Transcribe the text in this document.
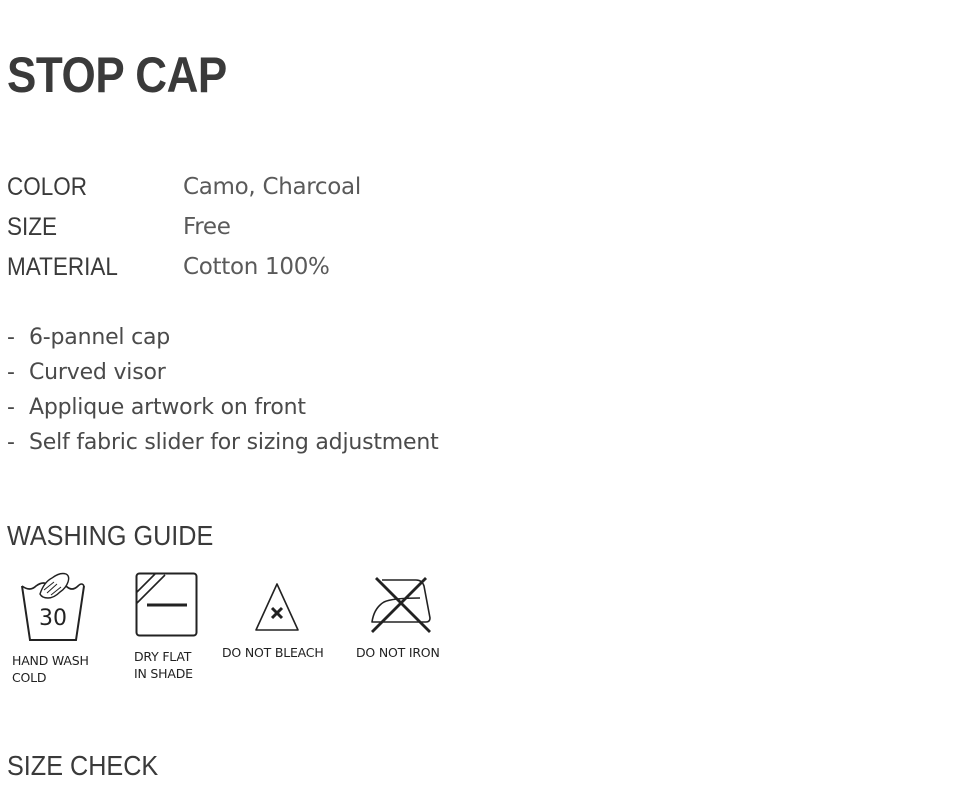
STOP CAP
COLOR	Camo, Charcoal
SIZE	Free
MATERIAL	Cotton 100%
- 6-pannel cap
- Curved visor
- Applique artwork on front
- Self fabric slider for sizing adjustment
WASHING GUIDE
30
HAND WASH
COLD
DRY FLAT
IN SHADE
DO NOT BLEACH	DO NOT IRON
SIZE CHECK
